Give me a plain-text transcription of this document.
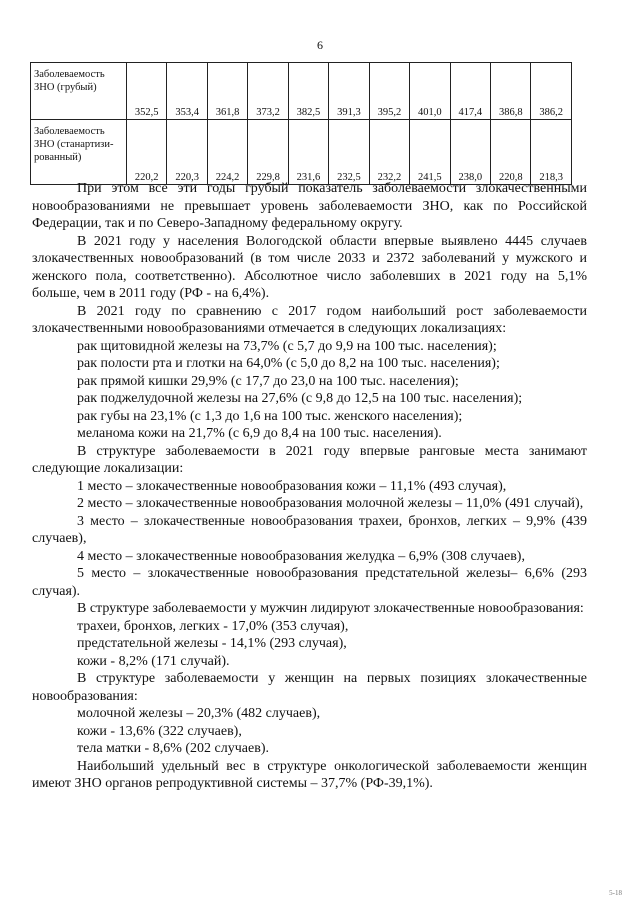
6
Заболеваемость ЗНО (грубый)	352,5	353,4	361,8	373,2	382,5	391,3	395,2	401,0	417,4	386,8	386,2
Заболеваемость ЗНО (станартизи-рованный)	220,2	220,3	224,2	229,8	231,6	232,5	232,2	241,5	238,0	220,8	218,3

При этом все эти годы грубый показатель заболеваемости злокачественными новообразованиями не превышает уровень заболеваемости ЗНО, как по Российской Федерации, так и по Северо-Западному федеральному округу.

В 2021 году у населения Вологодской области впервые выявлено 4445 случаев злокачественных новообразований (в том числе 2033 и 2372 заболеваний у мужского и женского пола, соответственно). Абсолютное число заболевших в 2021 году на 5,1% больше, чем в 2011 году (РФ - на 6,4%).

В 2021 году по сравнению с 2017 годом наибольший рост заболеваемости злокачественными новообразованиями отмечается в следующих локализациях:

рак щитовидной железы на 73,7% (с 5,7 до 9,9 на 100 тыс. населения);

рак полости рта и глотки на 64,0% (с 5,0 до 8,2 на 100 тыс. населения);

рак прямой кишки 29,9% (с 17,7 до 23,0 на 100 тыс. населения);

рак поджелудочной железы на 27,6% (с 9,8 до 12,5 на 100 тыс. населения);

рак губы на 23,1% (с 1,3 до 1,6 на 100 тыс. женского населения);

меланома кожи на 21,7% (с 6,9 до 8,4 на 100 тыс. населения).

В структуре заболеваемости в 2021 году впервые ранговые места занимают следующие локализации:

1 место – злокачественные новообразования кожи – 11,1% (493 случая),

2 место – злокачественные новообразования молочной железы – 11,0% (491 случай),

3 место – злокачественные новообразования трахеи, бронхов, легких – 9,9% (439 случаев),

4 место – злокачественные новообразования желудка – 6,9% (308 случаев),

5 место – злокачественные новообразования предстательной железы– 6,6% (293 случая).

В структуре заболеваемости у мужчин лидируют злокачественные новообразования:

трахеи, бронхов, легких - 17,0% (353 случая),

предстательной железы - 14,1% (293 случая),

кожи - 8,2% (171 случай).

В структуре заболеваемости у женщин на первых позициях злокачественные новообразования:

молочной железы – 20,3% (482 случаев),

кожи - 13,6% (322 случаев),

тела матки - 8,6% (202 случаев).

Наибольший удельный вес в структуре онкологической заболеваемости женщин имеют ЗНО органов репродуктивной системы – 37,7% (РФ-39,1%).

5-18
